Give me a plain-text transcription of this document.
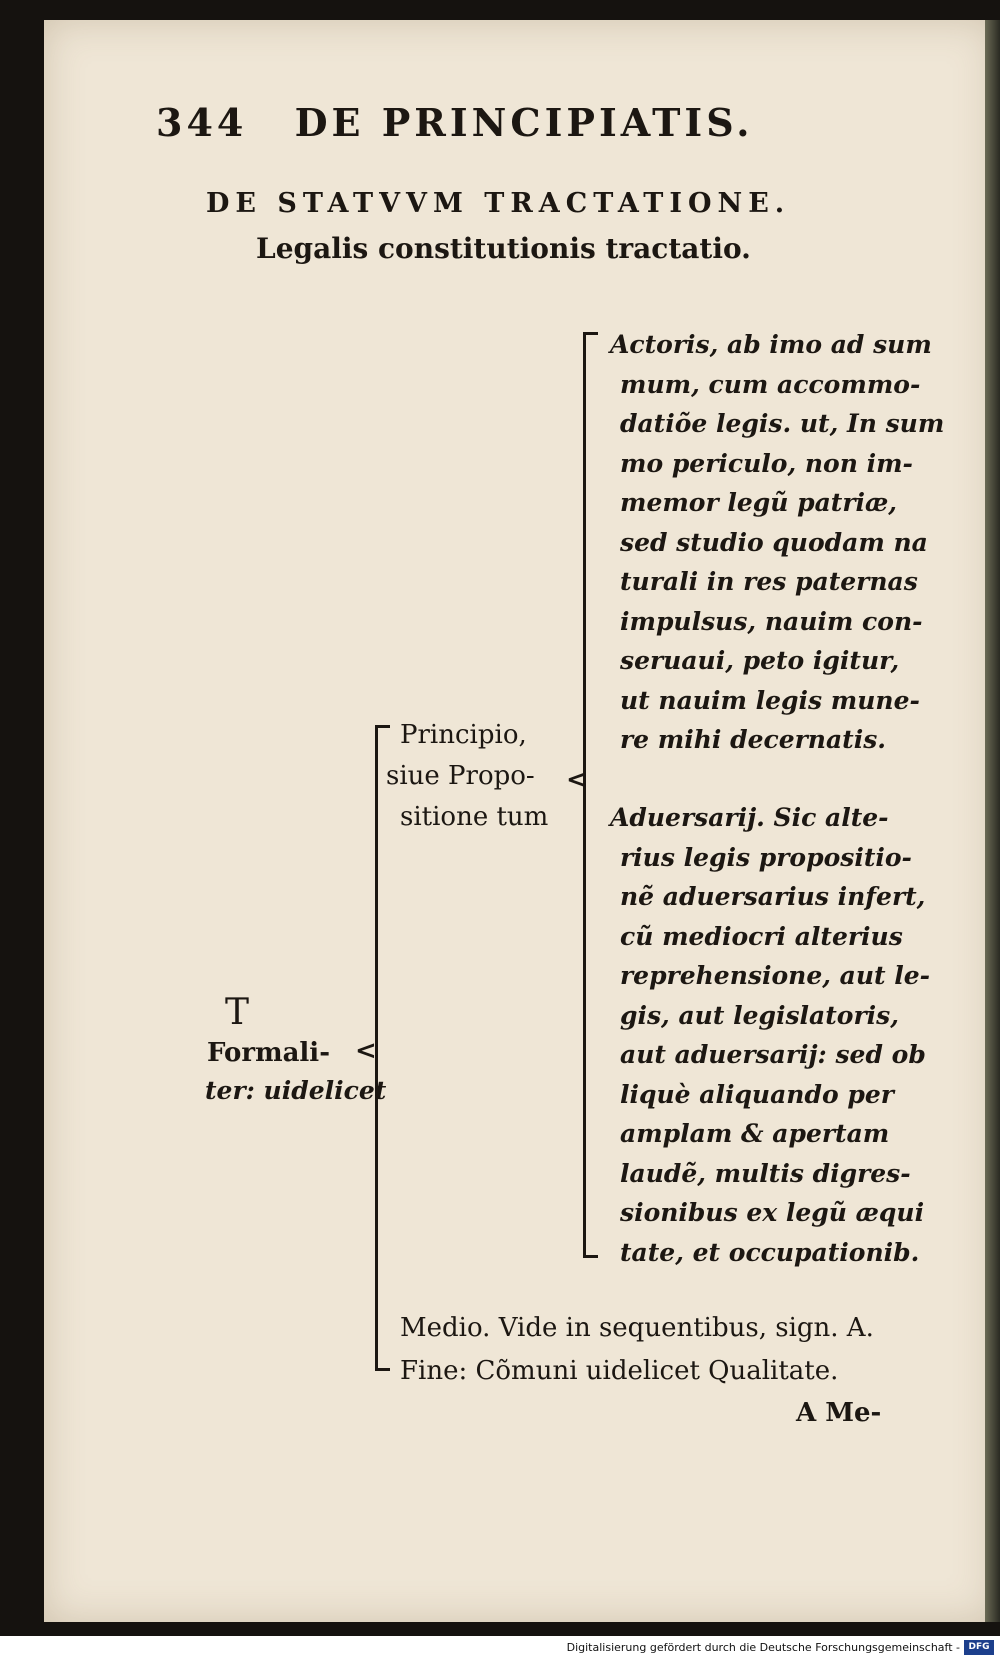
344 DE PRINCIPIATIS.
DE STATVVM TRACTATIONE.
Legalis constitutionis tractatio.
T
Formali-
ter: uidelicet
<
Principio,
siue Propo-
sitione tum
<
Actoris, ab imo ad sum
mum, cum accommo-
datiõe legis. ut, In sum
mo periculo, non im-
memor legũ patriæ,
sed studio quodam na
turali in res paternas
impulsus, nauim con-
seruaui, peto igitur,
ut nauim legis mune-
re mihi decernatis.
Aduersarij. Sic alte-
rius legis propositio-
nẽ aduersarius infert,
cũ mediocri alterius
reprehensione, aut le-
gis, aut legislatoris,
aut aduersarij: sed ob
liquè aliquando per
amplam & apertam
laudẽ, multis digres-
sionibus ex legũ æqui
tate, et occupationib.
Medio. Vide in sequentibus, sign. A.
Fine: Cõmuni uidelicet Qualitate.
A Me-
Digitalisierung gefördert durch die Deutsche Forschungsgemeinschaft - DFG
